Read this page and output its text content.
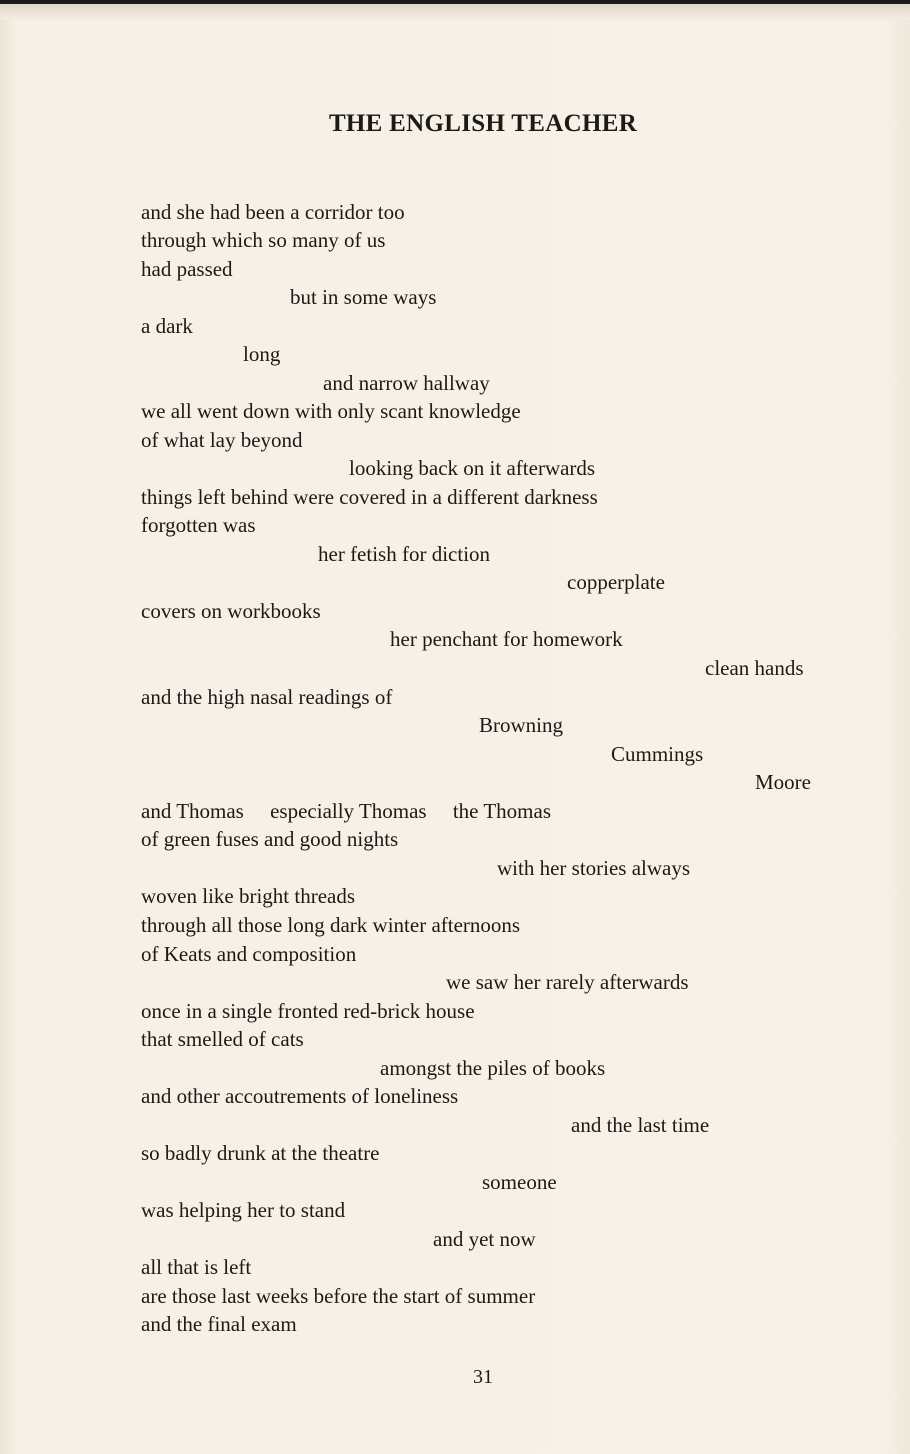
THE ENGLISH TEACHER
and she had been a corridor too
through which so many of us
had passed
but in some ways
a dark
long
and narrow hallway
we all went down with only scant knowledge
of what lay beyond
looking back on it afterwards
things left behind were covered in a different darkness
forgotten was
her fetish for diction
copperplate
covers on workbooks
her penchant for homework
clean hands
and the high nasal readings of
Browning
Cummings
Moore
and Thomas     especially Thomas     the Thomas
of green fuses and good nights
with her stories always
woven like bright threads
through all those long dark winter afternoons
of Keats and composition
we saw her rarely afterwards
once in a single fronted red-brick house
that smelled of cats
amongst the piles of books
and other accoutrements of loneliness
and the last time
so badly drunk at the theatre
someone
was helping her to stand
and yet now
all that is left
are those last weeks before the start of summer
and the final exam
31
